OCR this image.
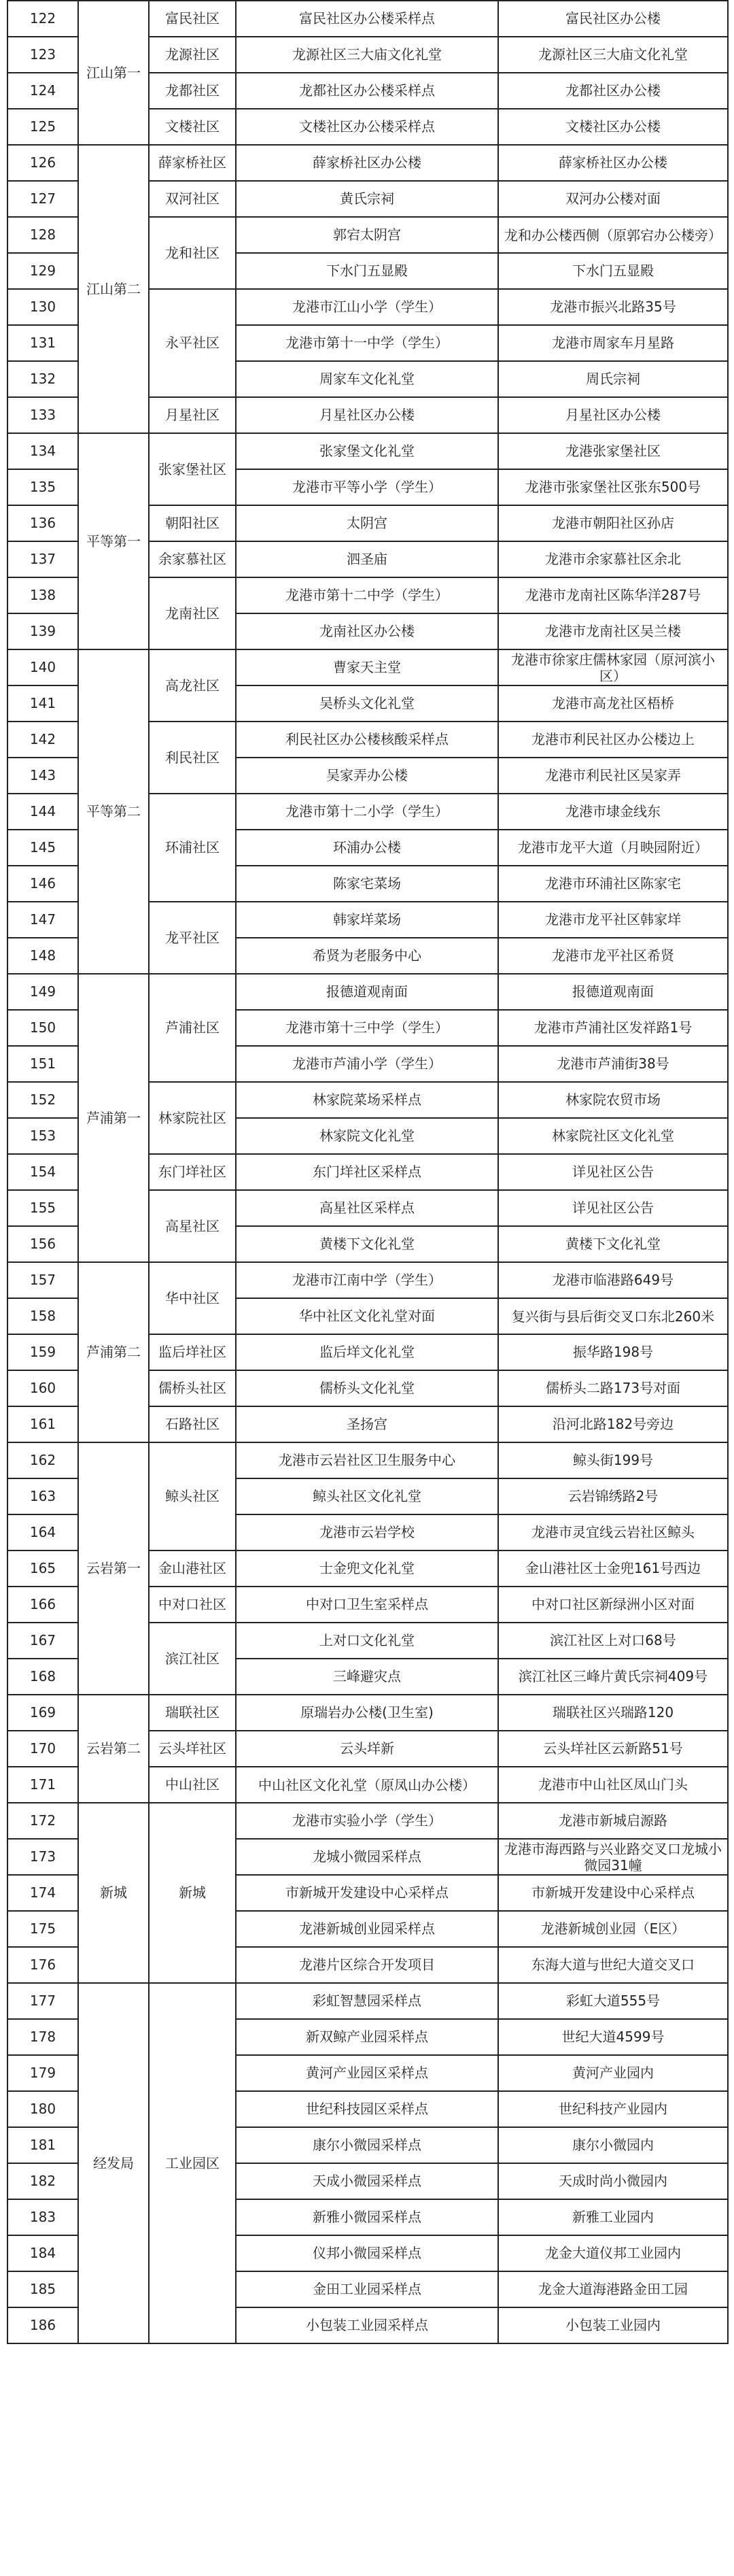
122	江山第一	富民社区	富民社区办公楼采样点	富民社区办公楼
123		龙源社区	龙源社区三大庙文化礼堂	龙源社区三大庙文化礼堂
124		龙都社区	龙都社区办公楼采样点	龙都社区办公楼
125		文楼社区	文楼社区办公楼采样点	文楼社区办公楼
126	江山第二	薛家桥社区	薛家桥社区办公楼	薛家桥社区办公楼
127		双河社区	黄氏宗祠	双河办公楼对面
128		龙和社区	郭宕太阴宫	龙和办公楼西侧（原郭宕办公楼旁）
129			下水门五显殿	下水门五显殿
130		永平社区	龙港市江山小学（学生）	龙港市振兴北路35号
131			龙港市第十一中学（学生）	龙港市周家车月星路
132			周家车文化礼堂	周氏宗祠
133		月星社区	月星社区办公楼	月星社区办公楼
134	平等第一	张家堡社区	张家堡文化礼堂	龙港张家堡社区
135			龙港市平等小学（学生）	龙港市张家堡社区张东500号
136		朝阳社区	太阴宫	龙港市朝阳社区孙店
137		余家慕社区	泗圣庙	龙港市余家慕社区余北
138		龙南社区	龙港市第十二中学（学生）	龙港市龙南社区陈华洋287号
139			龙南社区办公楼	龙港市龙南社区吴兰楼
140	平等第二	高龙社区	曹家天主堂	龙港市徐家庄儒林家园（原河滨小区）
141			吴桥头文化礼堂	龙港市高龙社区梧桥
142		利民社区	利民社区办公楼核酸采样点	龙港市利民社区办公楼边上
143			吴家弄办公楼	龙港市利民社区吴家弄
144		环浦社区	龙港市第十二小学（学生）	龙港市埭金线东
145			环浦办公楼	龙港市龙平大道（月映园附近）
146			陈家宅菜场	龙港市环浦社区陈家宅
147		龙平社区	韩家垟菜场	龙港市龙平社区韩家垟
148			希贤为老服务中心	龙港市龙平社区希贤
149	芦浦第一	芦浦社区	报德道观南面	报德道观南面
150			龙港市第十三中学（学生）	龙港市芦浦社区发祥路1号
151			龙港市芦浦小学（学生）	龙港市芦浦街38号
152		林家院社区	林家院菜场采样点	林家院农贸市场
153			林家院文化礼堂	林家院社区文化礼堂
154		东门垟社区	东门垟社区采样点	详见社区公告
155		高星社区	高星社区采样点	详见社区公告
156			黄楼下文化礼堂	黄楼下文化礼堂
157	芦浦第二	华中社区	龙港市江南中学（学生）	龙港市临港路649号
158			华中社区文化礼堂对面	复兴街与县后街交叉口东北260米
159		监后垟社区	监后垟文化礼堂	振华路198号
160		儒桥头社区	儒桥头文化礼堂	儒桥头二路173号对面
161		石路社区	圣扬宫	沿河北路182号旁边
162	云岩第一	鲸头社区	龙港市云岩社区卫生服务中心	鲸头街199号
163			鲸头社区文化礼堂	云岩锦绣路2号
164			龙港市云岩学校	龙港市灵宜线云岩社区鲸头
165		金山港社区	士金兜文化礼堂	金山港社区士金兜161号西边
166		中对口社区	中对口卫生室采样点	中对口社区新绿洲小区对面
167		滨江社区	上对口文化礼堂	滨江社区上对口68号
168			三峰避灾点	滨江社区三峰片黄氏宗祠409号
169	云岩第二	瑞联社区	原瑞岩办公楼(卫生室)	瑞联社区兴瑞路120
170		云头垟社区	云头垟新	云头垟社区云新路51号
171		中山社区	中山社区文化礼堂（原凤山办公楼）	龙港市中山社区凤山门头
172	新城	新城	龙港市实验小学（学生）	龙港市新城启源路
173			龙城小微园采样点	龙港市海西路与兴业路交叉口龙城小微园31幢
174			市新城开发建设中心采样点	市新城开发建设中心采样点
175			龙港新城创业园采样点	龙港新城创业园（E区）
176			龙港片区综合开发项目	东海大道与世纪大道交叉口
177	经发局	工业园区	彩虹智慧园采样点	彩虹大道555号
178			新双鲸产业园采样点	世纪大道4599号
179			黄河产业园区采样点	黄河产业园内
180			世纪科技园区采样点	世纪科技产业园内
181			康尔小微园采样点	康尔小微园内
182			天成小微园采样点	天成时尚小微园内
183			新雅小微园采样点	新雅工业园内
184			仪邦小微园采样点	龙金大道仪邦工业园内
185			金田工业园采样点	龙金大道海港路金田工园
186			小包装工业园采样点	小包装工业园内
